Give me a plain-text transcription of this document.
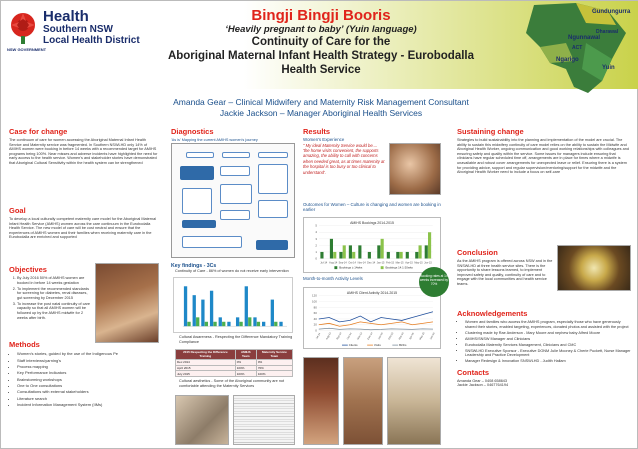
NSW GOVERNMENT
Health
Southern NSW
Local Health District
Bingji Bingji Booris
‘Heavily pregnant to baby’ (Yuin language)
Continuity of Care for the
Aboriginal Maternal Infant Health Strategy - Eurobodalla Health Service
Gundungurra
Ngunnawal
Dharawal
ACT
Ngarigo
Yuin
Amanda Gear – Clinical Midwifery and Maternity Risk Management Consultant
Jackie Jackson – Manager Aboriginal Health Services
Case for change
The continuum of care for women accessing the Aboriginal Maternal Infant Health Service and Maternity service was fragmented. In Southern NSWLHD only 14% of AMIHS women were booking in before 14 weeks with a recommended target for AMIHS programs being 100%. Near misses and adverse incidents have highlighted the need for early access to the health service. Women's and stakeholder stories have demonstrated that Aboriginal Cultural Sensitivity within the health system can be strengthened
Goal
To develop a local culturally competent maternity care model for the Aboriginal Maternal Infant Health Service (AMIHS) women across the care continuum in the Eurobodalla Health Service. The new model of care will be cost neutral and ensure that the experiences of AMIHS women and their families when receiving maternity care in the Eurobodalla are enriched and supported
Objectives
1. By July 2016 50% of AMIHS women are booked in before 14 weeks gestation
2. To implement the recommended standards for screening for diabetes, renal diseases, gut screening by December 2015
3. To increase the post natal continuity of care capacity so that all AMIHS women will be followed up by the AMIHS midwife for 2 weeks after birth.
Methods
• Women's stories, guided by the use of the Indigenous Pe
• Staff interviews/yarning's
• Process mapping
• Key Performance Indicators
• Brainstorming workshops
• One to One consultations
• Consultations with external stakeholders
• Literature search
• Incident Information Management System (IIMs)
Diagnostics
'As is' Mapping the current AMIHS women's journey
Key findings - 3Cs
Continuity of Care - 86% of women do not receive early intervention
Cultural Awareness - Respecting the Difference Mandatory Training Compliance
2015 Respecting the Difference Training	AMIHS Team	Maternity Service Team
Dec 2014	0%	0%
April 2015	100%	70%
July 2015	100%	100%
Cultural aesthetics - Some of the Aboriginal community are not comfortable attending the Maternity Services
Results
Women's Experience
" My ideal Maternity Service would be.... 'the home visits convenient, the supports amazing, the ability to call with concerns when needed great, as at times maternity at the hospital is too busy or too clinical to understand'.
Outcomes for Women – Culture is changing and women are booking in earlier
AMIHS Bookings 2014-2015
0
1
2
3
4
5
Jul-14 Aug-14 Sep-14 Oct-14 Nov-14 Dec-14 Jan-15 Feb-15 Mar-15 Apr-15 May-15 Jun-15
Bookings ≥ 14wks	Bookings 14.1-20wks
Month-to-month Activity Levels
AMIHS Client Activity 2014-2015
0
20
40
60
80
100
120
Jul-14 Aug-14 Sep-14 Oct-14 Nov-14 Dec-14 Jan-15 Feb-15 Mar-15 Apr-15 May-15 Jun-15
Clients	Visits	Births
Booking rates at 14 weeks increased by 70%
Sustaining change
Strategies to build sustainability into the planning and implementation of the model are crucial. The ability to sustain this midwifery continuity of care model relies on the ability to sustain the Midwife and Aboriginal Health Worker, ongoing communication and good working relationships with colleagues and ensuring safety and quality within the service. Some issues for managers include ensuring that clinicians have regular scheduled time off, arrangements are in place for times where a midwife is unavailable and robust cover arrangements for unexpected leave or relief. Ensuring there is a system for providing advice, support and regular supervision/mentoring/support for the midwife and the Aboriginal Health Worker need to include a focus on self-care
Conclusion
As the AMIHS program is offered across NSW and in the SNSWLHD at three health service sites. There is the opportunity to share lessons learned, to implement improved safety and quality, continuity of care and to engage with the local communities and health service teams.
Acknowledgements
• Women and families who access the AMIHS program, especially those who have generously shared their stories, enabled targeting, experiences, donated photos and assisted with the project
• Clustering made by Rae Anderson - Mary Moore and nephew baby Alfred Moore
• AMIHS/SNSW Manager and Clinicians
• Eurobodalla Maternity Services Management, Clinicians and CMC
• SNSWLHD Executive Sponsor - Executive DONM Julie Mooney & Cherie Puckett, Nurse Manager Leadership and Practice Development
• Manager Redesign & Innovation SNSWLHD - Judith Hallam
Contacts
Amanda Gear – 0408 658643
Jackie Jackson – 0467764194
